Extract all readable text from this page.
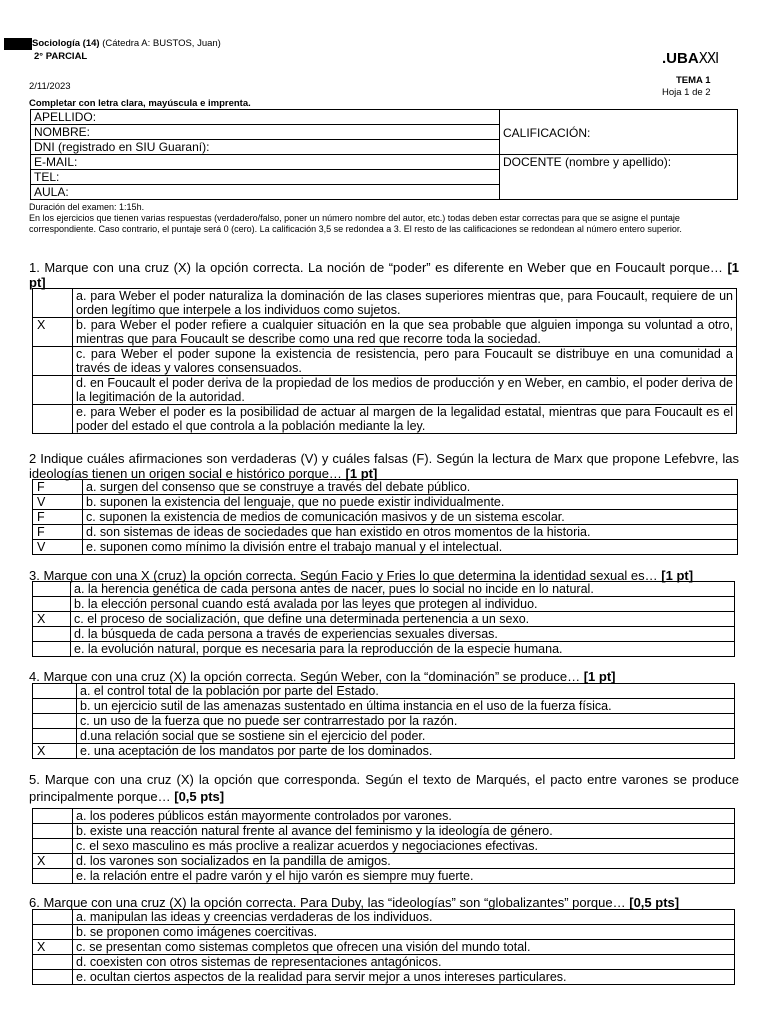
Sociología (14) (Cátedra A: BUSTOS, Juan)
2° PARCIAL	.UBAXXI
2/11/2023
TEMA 1
Hoja 1 de 2
Completar con letra clara, mayúscula e imprenta.
APELLIDO:	CALIFICACIÓN:
NOMBRE:	
DNI (registrado en SIU Guaraní):	
E-MAIL:	DOCENTE (nombre y apellido):
TEL:	
AULA:	
Duración del examen: 1:15h.
En los ejercicios que tienen varias respuestas (verdadero/falso, poner un número nombre del autor, etc.) todas deben estar correctas para que se asigne el puntaje correspondiente. Caso contrario, el puntaje será 0 (cero). La calificación 3,5 se redondea a 3. El resto de las calificaciones se redondean al número entero superior.
1. Marque con una cruz (X) la opción correcta. La noción de “poder” es diferente en Weber que en Foucault porque… [1 pt]
	a. para Weber el poder naturaliza la dominación de las clases superiores mientras que, para Foucault, requiere de un orden legítimo que interpele a los individuos como sujetos.
X	b. para Weber el poder refiere a cualquier situación en la que sea probable que alguien imponga su voluntad a otro, mientras que para Foucault se describe como una red que recorre toda la sociedad.
	c. para Weber el poder supone la existencia de resistencia, pero para Foucault se distribuye en una comunidad a través de ideas y valores consensuados.
	d. en Foucault el poder deriva de la propiedad de los medios de producción y en Weber, en cambio, el poder deriva de la legitimación de la autoridad.
	e. para Weber el poder es la posibilidad de actuar al margen de la legalidad estatal, mientras que para Foucault es el poder del estado el que controla a la población mediante la ley.
2 Indique cuáles afirmaciones son verdaderas (V) y cuáles falsas (F). Según la lectura de Marx que propone Lefebvre, las ideologías tienen un origen social e histórico porque… [1 pt]
F	a. surgen del consenso que se construye a través del debate público.
V	b. suponen la existencia del lenguaje, que no puede existir individualmente.
F	c. suponen la existencia de medios de comunicación masivos y de un sistema escolar.
F	d. son sistemas de ideas de sociedades que han existido en otros momentos de la historia.
V	e. suponen como mínimo la división entre el trabajo manual y el intelectual.
3. Marque con una X (cruz) la opción correcta. Según Facio y Fries lo que determina la identidad sexual es… [1 pt]
	a. la herencia genética de cada persona antes de nacer, pues lo social no incide en lo natural.
	b. la elección personal cuando está avalada por las leyes que protegen al individuo.
X	c. el proceso de socialización, que define una determinada pertenencia a un sexo.
	d. la búsqueda de cada persona a través de experiencias sexuales diversas.
	e. la evolución natural, porque es necesaria para la reproducción de la especie humana.
4. Marque con una cruz (X) la opción correcta. Según Weber, con la “dominación” se produce… [1 pt]
	a. el control total de la población por parte del Estado.
	b. un ejercicio sutil de las amenazas sustentado en última instancia en el uso de la fuerza física.
	c. un uso de la fuerza que no puede ser contrarrestado por la razón.
	d.una relación social que se sostiene sin el ejercicio del poder.
X	e. una aceptación de los mandatos por parte de los dominados.
5. Marque con una cruz (X) la opción que corresponda. Según el texto de Marqués, el pacto entre varones se produce principalmente porque… [0,5 pts]
	a. los poderes públicos están mayormente controlados por varones.
	b. existe una reacción natural frente al avance del feminismo y la ideología de género.
	c. el sexo masculino es más proclive a realizar acuerdos y negociaciones efectivas.
X	d. los varones son socializados en la pandilla de amigos.
	e. la relación entre el padre varón y el hijo varón es siempre muy fuerte.
6. Marque con una cruz (X) la opción correcta. Para Duby, las “ideologías” son “globalizantes” porque… [0,5 pts]
	a. manipulan las ideas y creencias verdaderas de los individuos.
	b. se proponen como imágenes coercitivas.
X	c. se presentan como sistemas completos que ofrecen una visión del mundo total.
	d. coexisten con otros sistemas de representaciones antagónicos.
	e. ocultan ciertos aspectos de la realidad para servir mejor a unos intereses particulares.
